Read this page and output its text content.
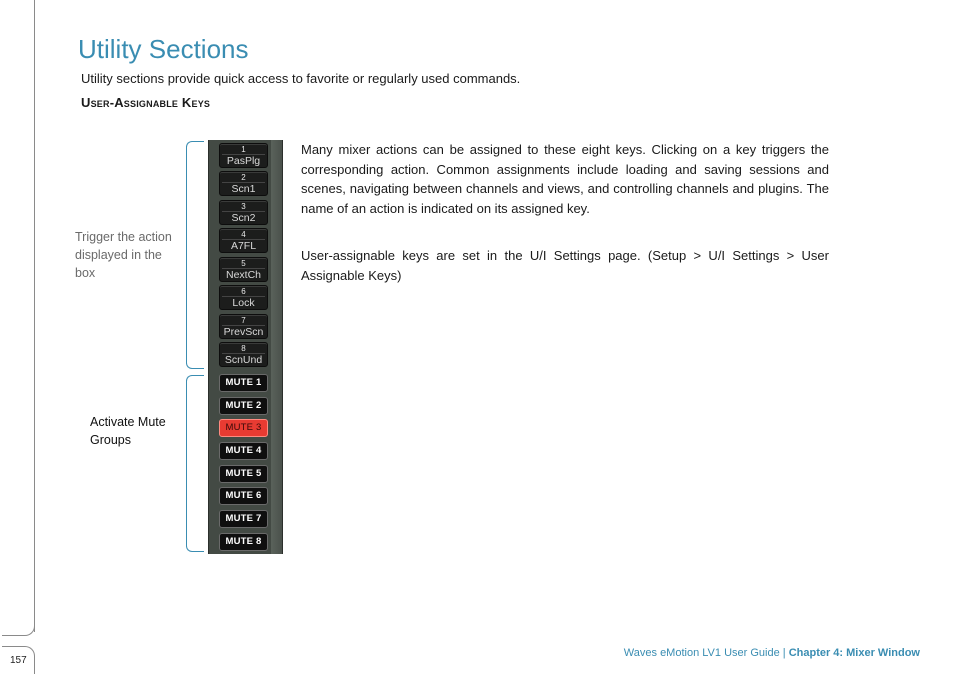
157
Utility Sections

Utility sections provide quick access to favorite or regularly used commands.

User-Assignable Keys
Trigger the action displayed in the box
Activate Mute Groups
1
PasPlg
2
Scn1
3
Scn2
4
A7FL
5
NextCh
6
Lock
7
PrevScn
8
ScnUnd
MUTE 1
MUTE 2
MUTE 3
MUTE 4
MUTE 5
MUTE 6
MUTE 7
MUTE 8

Many mixer actions can be assigned to these eight keys. Clicking on a key triggers the corresponding action. Common assignments include loading and saving sessions and scenes, navigating between channels and views, and controlling channels and plugins. The name of an action is indicated on its assigned key.

User-assignable keys are set in the U/I Settings page. (Setup > U/I Settings > User Assignable Keys)

Waves eMotion LV1 User Guide | Chapter 4: Mixer Window
